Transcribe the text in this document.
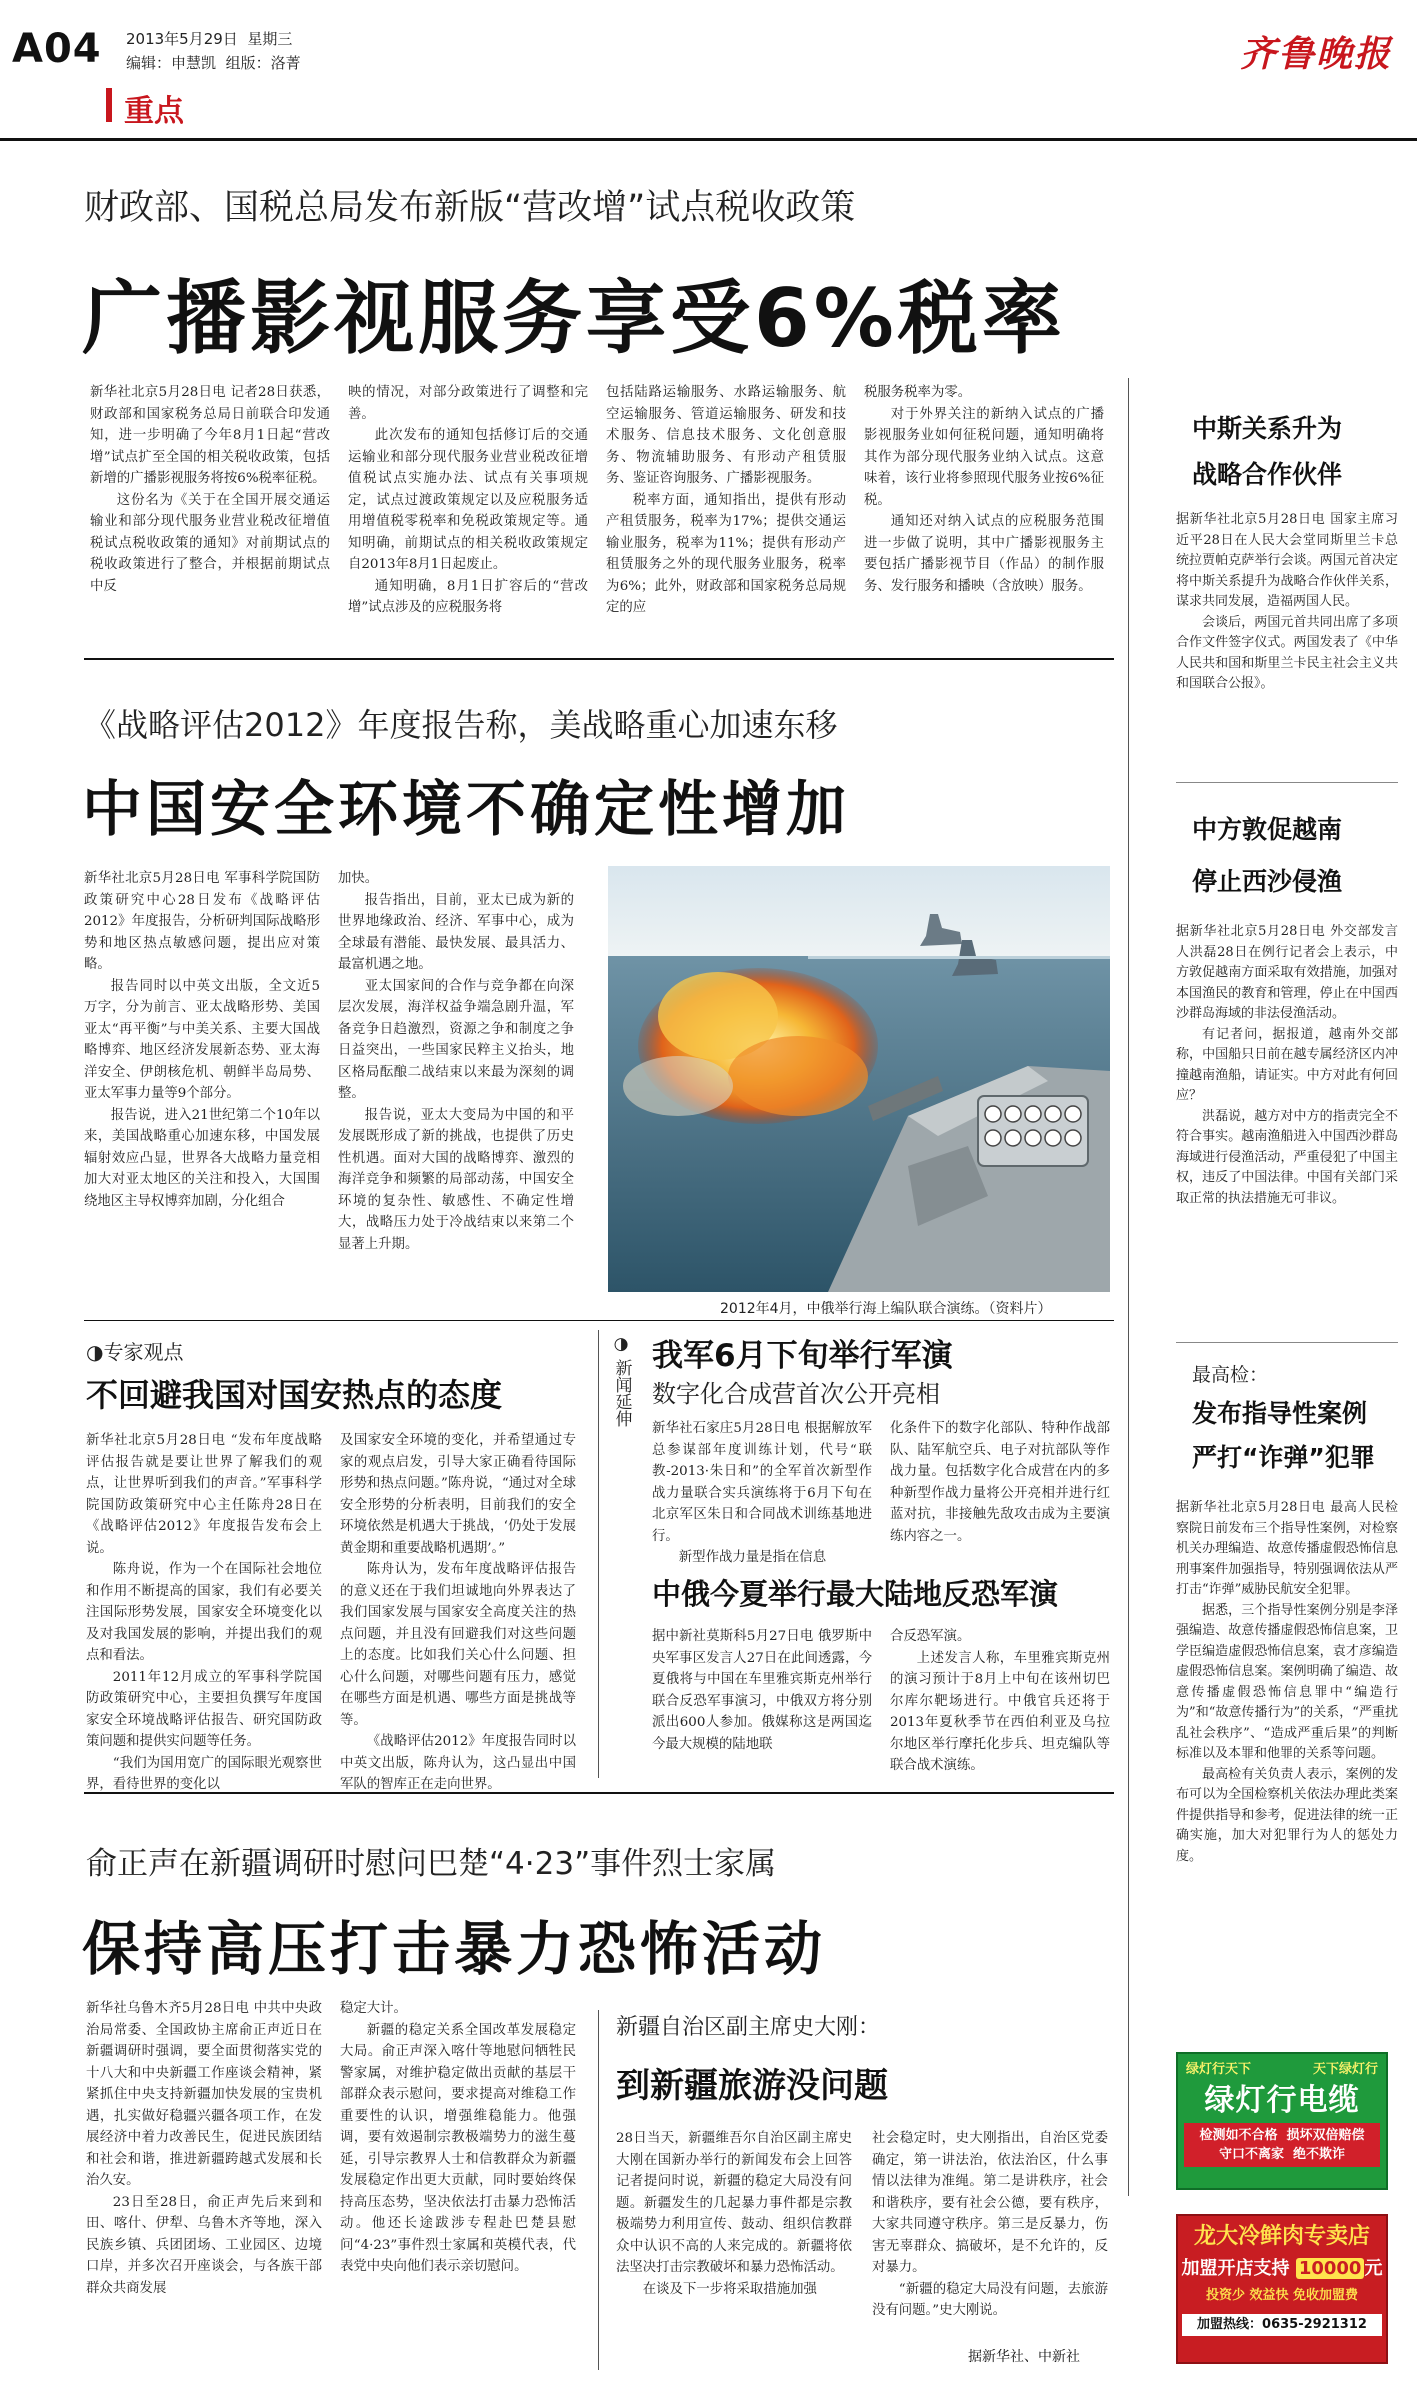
A04 2013年5月29日 星期三
编辑：申慧凯 组版：洛菁
重点
齐鲁晚报
财政部、国税总局发布新版“营改增”试点税收政策
广播影视服务享受6%税率

新华社北京5月28日电 记者28日获悉，财政部和国家税务总局日前联合印发通知，进一步明确了今年8月1日起“营改增”试点扩至全国的相关税收政策，包括新增的广播影视服务将按6%税率征税。

这份名为《关于在全国开展交通运输业和部分现代服务业营业税改征增值税试点税收政策的通知》对前期试点的税收政策进行了整合，并根据前期试点中反

映的情况，对部分政策进行了调整和完善。

此次发布的通知包括修订后的交通运输业和部分现代服务业营业税改征增值税试点实施办法、试点有关事项规定，试点过渡政策规定以及应税服务适用增值税零税率和免税政策规定等。通知明确，前期试点的相关税收政策规定自2013年8月1日起废止。

通知明确，8月1日扩容后的“营改增”试点涉及的应税服务将

包括陆路运输服务、水路运输服务、航空运输服务、管道运输服务、研发和技术服务、信息技术服务、文化创意服务、物流辅助服务、有形动产租赁服务、鉴证咨询服务、广播影视服务。

税率方面，通知指出，提供有形动产租赁服务，税率为17%；提供交通运输业服务，税率为11%；提供有形动产租赁服务之外的现代服务业服务，税率为6%；此外，财政部和国家税务总局规定的应

税服务税率为零。

对于外界关注的新纳入试点的广播影视服务业如何征税问题，通知明确将其作为部分现代服务业纳入试点。这意味着，该行业将参照现代服务业按6%征税。

通知还对纳入试点的应税服务范围进一步做了说明，其中广播影视服务主要包括广播影视节目（作品）的制作服务、发行服务和播映（含放映）服务。

《战略评估2012》年度报告称，美战略重心加速东移
中国安全环境不确定性增加

新华社北京5月28日电 军事科学院国防政策研究中心28日发布《战略评估2012》年度报告，分析研判国际战略形势和地区热点敏感问题，提出应对策略。

报告同时以中英文出版，全文近5万字，分为前言、亚太战略形势、美国亚太“再平衡”与中美关系、主要大国战略博弈、地区经济发展新态势、亚太海洋安全、伊朗核危机、朝鲜半岛局势、亚太军事力量等9个部分。

报告说，进入21世纪第二个10年以来，美国战略重心加速东移，中国发展辐射效应凸显，世界各大战略力量竞相加大对亚太地区的关注和投入，大国围绕地区主导权博弈加剧，分化组合

加快。

报告指出，目前，亚太已成为新的世界地缘政治、经济、军事中心，成为全球最有潜能、最快发展、最具活力、最富机遇之地。

亚太国家间的合作与竞争都在向深层次发展，海洋权益争端急剧升温，军备竞争日趋激烈，资源之争和制度之争日益突出，一些国家民粹主义抬头，地区格局酝酿二战结束以来最为深刻的调整。

报告说，亚太大变局为中国的和平发展既形成了新的挑战，也提供了历史性机遇。面对大国的战略博弈、激烈的海洋竞争和频繁的局部动荡，中国安全环境的复杂性、敏感性、不确定性增大，战略压力处于冷战结束以来第二个显著上升期。

2012年4月，中俄举行海上编队联合演练。（资料片）
◑专家观点
不回避我国对国安热点的态度

新华社北京5月28日电 “发布年度战略评估报告就是要让世界了解我们的观点，让世界听到我们的声音。”军事科学院国防政策研究中心主任陈舟28日在《战略评估2012》年度报告发布会上说。

陈舟说，作为一个在国际社会地位和作用不断提高的国家，我们有必要关注国际形势发展，国家安全环境变化以及对我国发展的影响，并提出我们的观点和看法。

2011年12月成立的军事科学院国防政策研究中心，主要担负撰写年度国家安全环境战略评估报告、研究国防政策问题和提供实问题等任务。

“我们为国用宽广的国际眼光观察世界，看待世界的变化以

及国家安全环境的变化，并希望通过专家的观点启发，引导大家正确看待国际形势和热点问题。”陈舟说，“通过对全球安全形势的分析表明，目前我们的安全环境依然是机遇大于挑战，‘仍处于发展黄金期和重要战略机遇期’。”

陈舟认为，发布年度战略评估报告的意义还在于我们坦诚地向外界表达了我们国家发展与国家安全高度关注的热点问题，并且没有回避我们对这些问题上的态度。比如我们关心什么问题、担心什么问题，对哪些问题有压力，感觉在哪些方面是机遇、哪些方面是挑战等等。

《战略评估2012》年度报告同时以中英文出版，陈舟认为，这凸显出中国军队的智库正在走向世界。

◑
新闻延伸
我军6月下旬举行军演
数字化合成营首次公开亮相

新华社石家庄5月28日电 根据解放军总参谋部年度训练计划，代号“联教-2013·朱日和”的全军首次新型作战力量联合实兵演练将于6月下旬在北京军区朱日和合同战术训练基地进行。

新型作战力量是指在信息

化条件下的数字化部队、特种作战部队、陆军航空兵、电子对抗部队等作战力量。包括数字化合成营在内的多种新型作战力量将公开亮相并进行红蓝对抗，非接触先敌攻击成为主要演练内容之一。

中俄今夏举行最大陆地反恐军演

据中新社莫斯科5月27日电 俄罗斯中央军事区发言人27日在此间透露，今夏俄将与中国在车里雅宾斯克州举行联合反恐军事演习，中俄双方将分别派出600人参加。俄媒称这是两国迄今最大规模的陆地联

合反恐军演。

上述发言人称，车里雅宾斯克州的演习预计于8月上中旬在该州切巴尔库尔靶场进行。中俄官兵还将于2013年夏秋季节在西伯利亚及乌拉尔地区举行摩托化步兵、坦克编队等联合战术演练。

俞正声在新疆调研时慰问巴楚“4·23”事件烈士家属
保持高压打击暴力恐怖活动

新华社乌鲁木齐5月28日电 中共中央政治局常委、全国政协主席俞正声近日在新疆调研时强调，要全面贯彻落实党的十八大和中央新疆工作座谈会精神，紧紧抓住中央支持新疆加快发展的宝贵机遇，扎实做好稳疆兴疆各项工作，在发展经济中着力改善民生，促进民族团结和社会和谐，推进新疆跨越式发展和长治久安。

23日至28日，俞正声先后来到和田、喀什、伊犁、乌鲁木齐等地，深入民族乡镇、兵团团场、工业园区、边境口岸，并多次召开座谈会，与各族干部群众共商发展

稳定大计。

新疆的稳定关系全国改革发展稳定大局。俞正声深入喀什等地慰问牺牲民警家属，对维护稳定做出贡献的基层干部群众表示慰问，要求提高对维稳工作重要性的认识，增强维稳能力。他强调，要有效遏制宗教极端势力的滋生蔓延，引导宗教界人士和信教群众为新疆发展稳定作出更大贡献，同时要始终保持高压态势，坚决依法打击暴力恐怖活动。他还长途跋涉专程赴巴楚县慰问“4·23”事件烈士家属和英模代表，代表党中央向他们表示亲切慰问。

新疆自治区副主席史大刚：
到新疆旅游没问题

28日当天，新疆维吾尔自治区副主席史大刚在国新办举行的新闻发布会上回答记者提问时说，新疆的稳定大局没有问题。新疆发生的几起暴力事件都是宗教极端势力利用宣传、鼓动、组织信教群众中认识不高的人来完成的。新疆将依法坚决打击宗教破坏和暴力恐怖活动。

在谈及下一步将采取措施加强

社会稳定时，史大刚指出，自治区党委确定，第一讲法治，依法治区，什么事情以法律为准绳。第二是讲秩序，社会和谐秩序，要有社会公德，要有秩序，大家共同遵守秩序。第三是反暴力，伤害无辜群众、搞破坏，是不允许的，反对暴力。

“新疆的稳定大局没有问题，去旅游没有问题。”史大刚说。

据新华社、中新社
中斯关系升为
战略合作伙伴

据新华社北京5月28日电 国家主席习近平28日在人民大会堂同斯里兰卡总统拉贾帕克萨举行会谈。两国元首决定将中斯关系提升为战略合作伙伴关系，谋求共同发展，造福两国人民。

会谈后，两国元首共同出席了多项合作文件签字仪式。两国发表了《中华人民共和国和斯里兰卡民主社会主义共和国联合公报》。

中方敦促越南
停止西沙侵渔

据新华社北京5月28日电 外交部发言人洪磊28日在例行记者会上表示，中方敦促越南方面采取有效措施，加强对本国渔民的教育和管理，停止在中国西沙群岛海域的非法侵渔活动。

有记者问，据报道，越南外交部称，中国船只日前在越专属经济区内冲撞越南渔船，请证实。中方对此有何回应？

洪磊说，越方对中方的指责完全不符合事实。越南渔船进入中国西沙群岛海域进行侵渔活动，严重侵犯了中国主权，违反了中国法律。中国有关部门采取正常的执法措施无可非议。

最高检：
发布指导性案例
严打“诈弹”犯罪

据新华社北京5月28日电 最高人民检察院日前发布三个指导性案例，对检察机关办理编造、故意传播虚假恐怖信息刑事案件加强指导，特别强调依法从严打击“诈弹”威胁民航安全犯罪。

据悉，三个指导性案例分别是李泽强编造、故意传播虚假恐怖信息案，卫学臣编造虚假恐怖信息案，袁才彦编造虚假恐怖信息案。案例明确了编造、故意传播虚假恐怖信息罪中“编造行为”和“故意传播行为”的关系，“严重扰乱社会秩序”、“造成严重后果”的判断标准以及本罪和他罪的关系等问题。

最高检有关负责人表示，案例的发布可以为全国检察机关依法办理此类案件提供指导和参考，促进法律的统一正确实施，加大对犯罪行为人的惩处力度。

绿灯行天下	天下绿灯行
绿灯行电缆
检测如不合格 损坏双倍赔偿
守口不离家 绝不欺诈
龙大冷鲜肉专卖店
加盟开店支持 10000 元
投资少 效益快 免收加盟费
加盟热线：0635-2921312
